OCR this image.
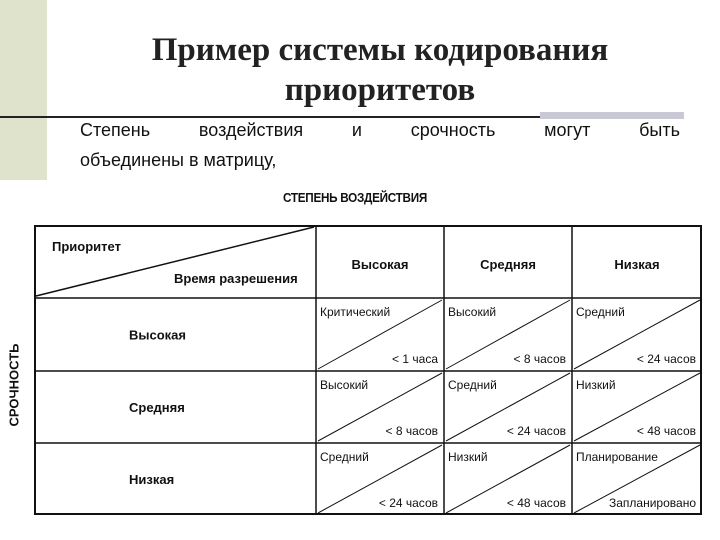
Пример системы кодирования приоритетов
Степень воздействия и срочность могут быть
объединены в матрицу,
СТЕПЕНЬ ВОЗДЕЙСТВИЯ
СРОЧНОСТЬ
Приоритет
Время разрешения
Высокая	Средняя	Низкая
Высокая
Критический
< 1 часа
Высокий
< 8 часов
Средний
< 24 часов
Средняя
Высокий
< 8 часов
Средний
< 24 часов
Низкий
< 48 часов
Низкая
Средний
< 24 часов
Низкий
< 48 часов
Планирование
Запланировано
